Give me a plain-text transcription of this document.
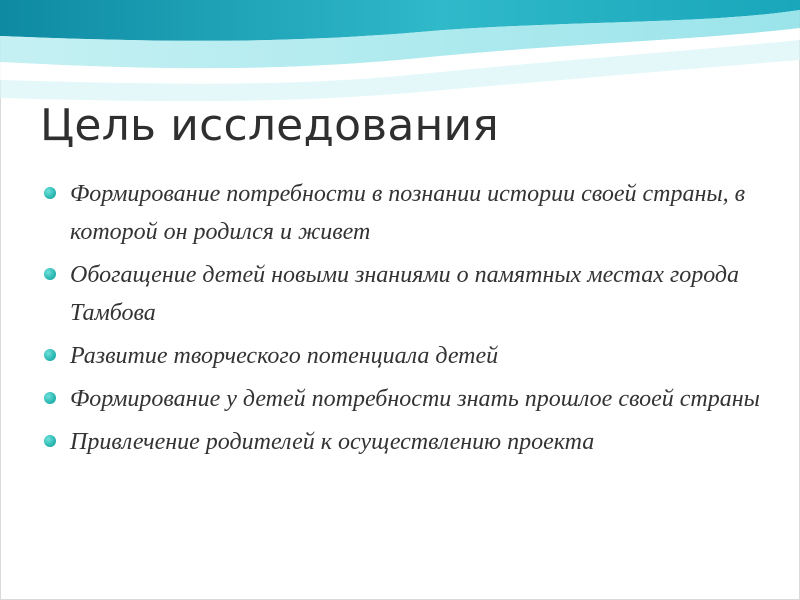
Цель исследования
Формирование потребности в познании истории своей страны, в которой он родился и живет
Обогащение детей новыми знаниями о памятных местах города Тамбова
Развитие творческого потенциала детей
Формирование у детей потребности знать прошлое своей страны
Привлечение родителей к осуществлению проекта
